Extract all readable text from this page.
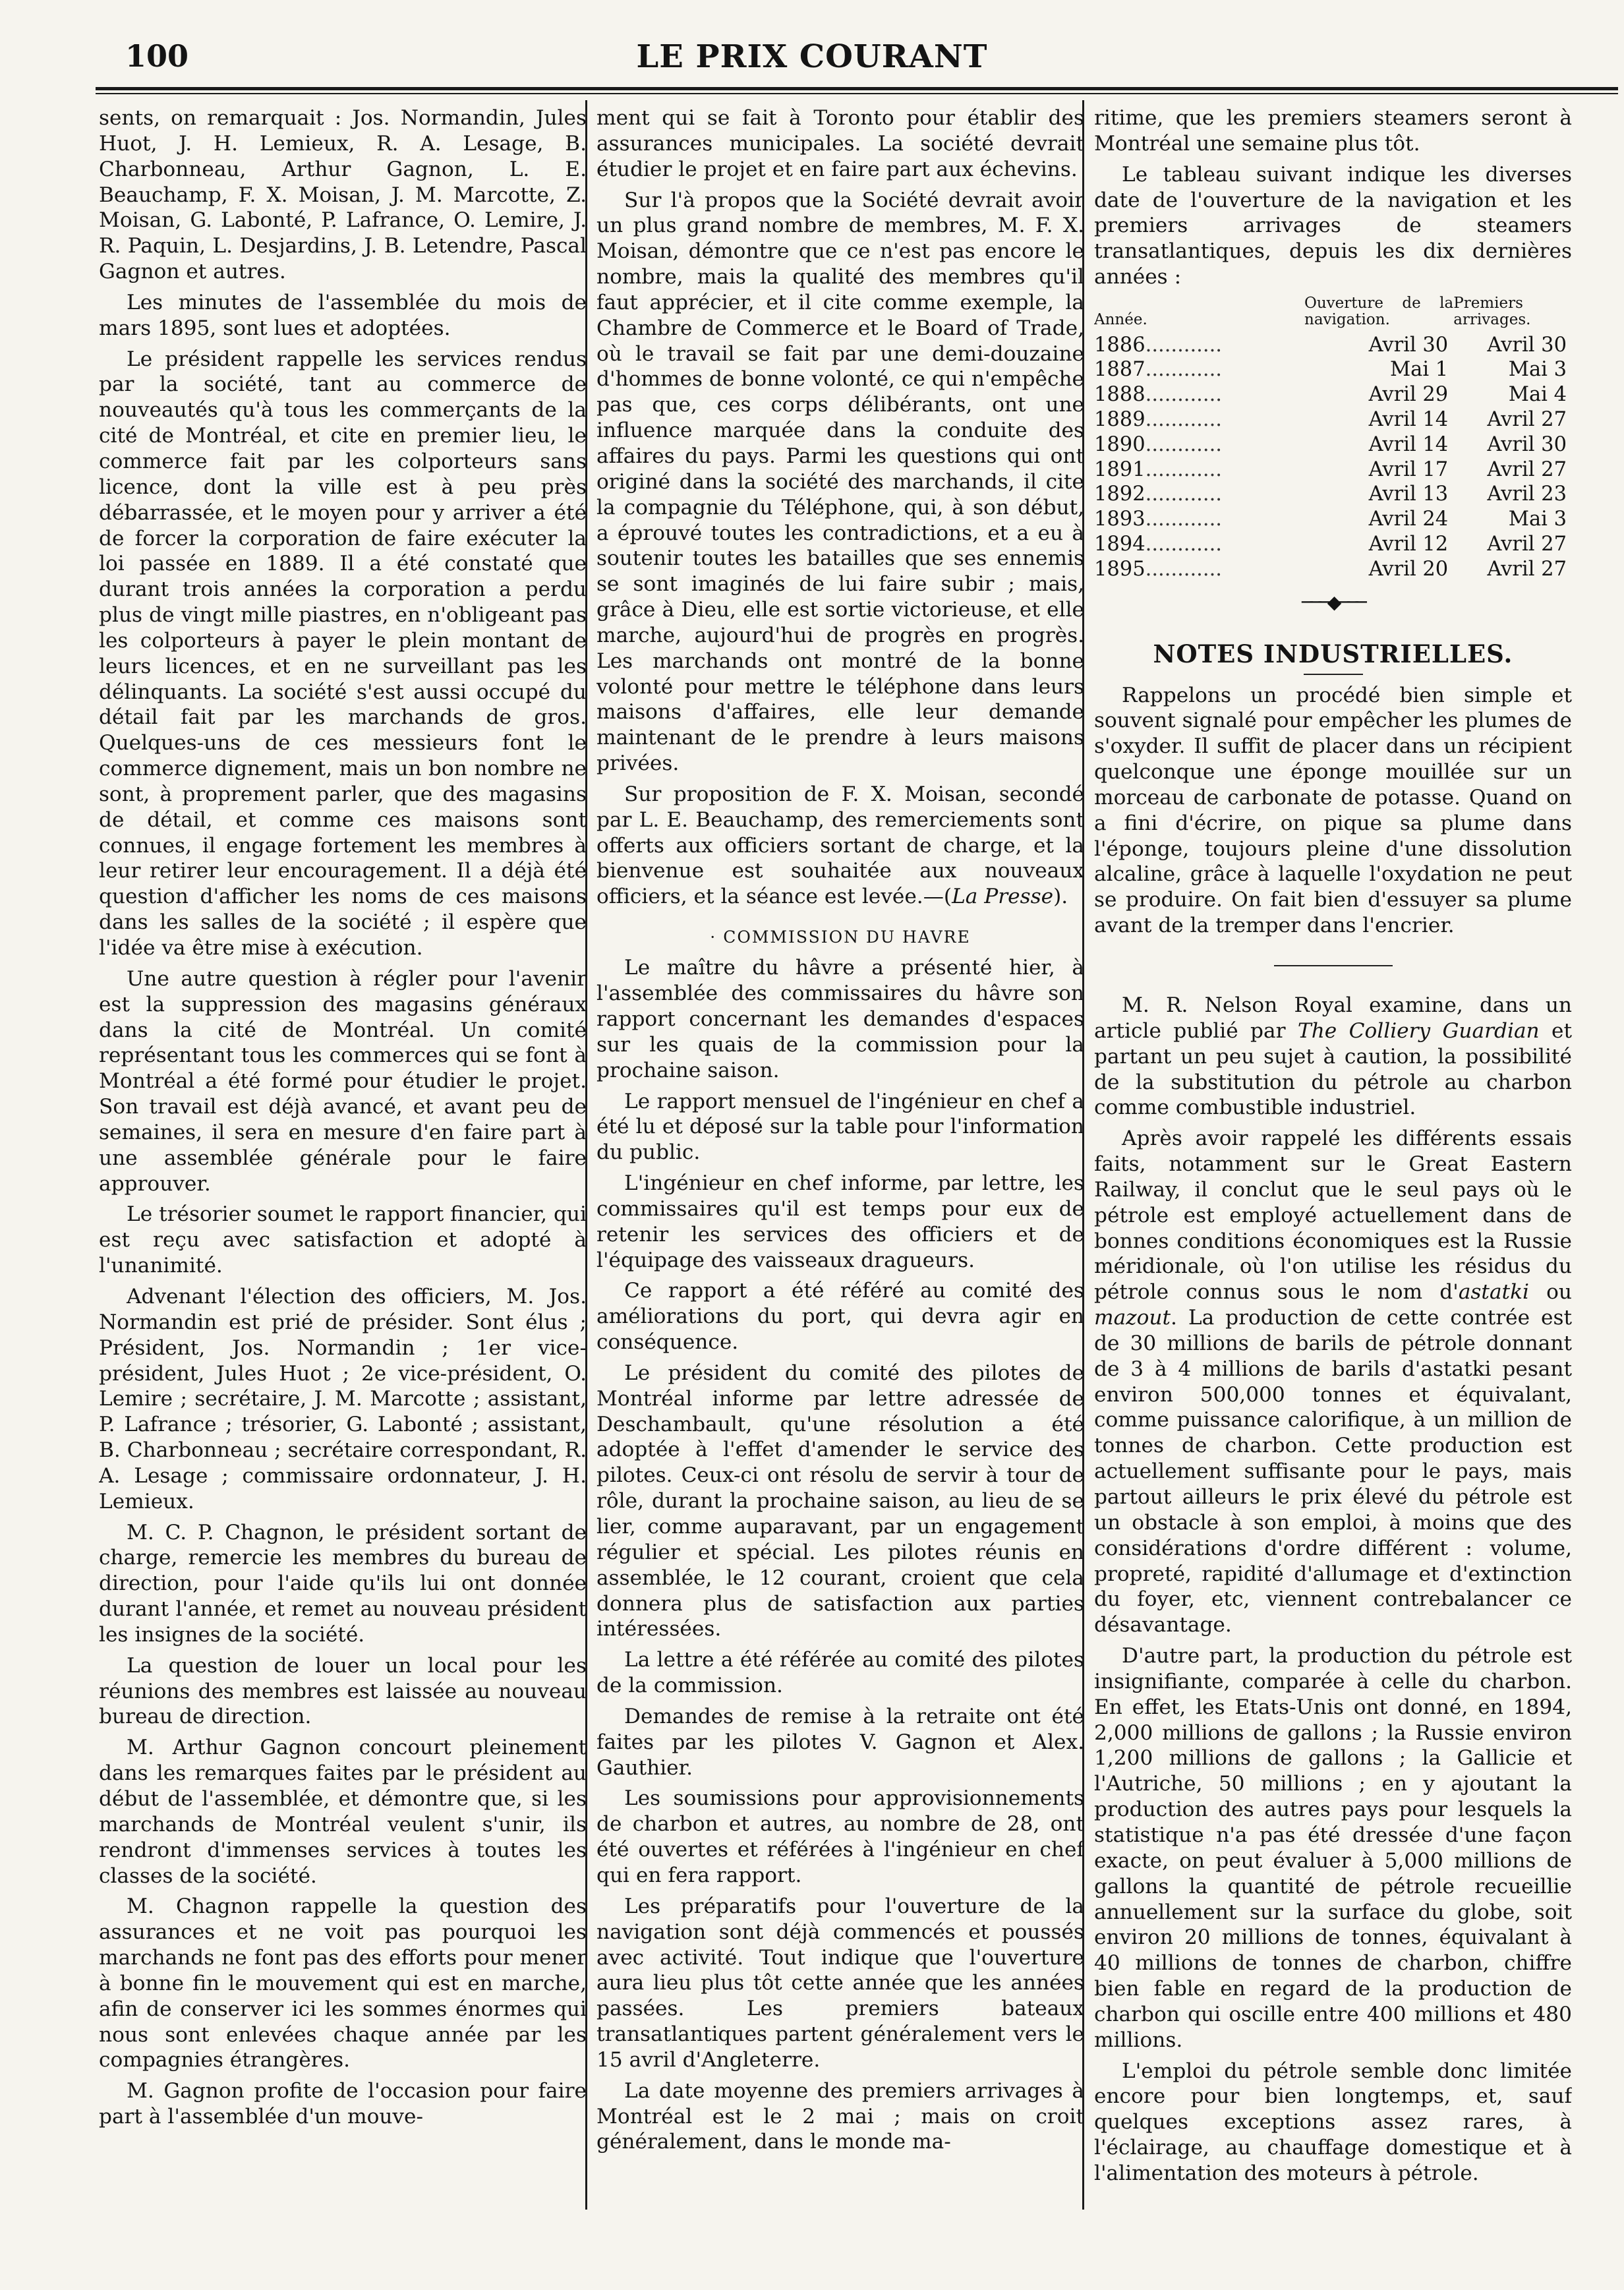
100	LE PRIX COURANT

sents, on remarquait : Jos. Normandin, Jules Huot, J. H. Lemieux, R. A. Lesage, B. Charbonneau, Arthur Gagnon, L. E. Beauchamp, F. X. Moisan, J. M. Marcotte, Z. Moisan, G. Labonté, P. Lafrance, O. Lemire, J. R. Paquin, L. Desjardins, J. B. Letendre, Pascal Gagnon et autres.

Les minutes de l'assemblée du mois de mars 1895, sont lues et adoptées.

Le président rappelle les services rendus par la société, tant au commerce de nouveautés qu'à tous les commerçants de la cité de Montréal, et cite en premier lieu, le commerce fait par les colporteurs sans licence, dont la ville est à peu près débarrassée, et le moyen pour y arriver a été de forcer la corporation de faire exécuter la loi passée en 1889. Il a été constaté que durant trois années la corporation a perdu plus de vingt mille piastres, en n'obligeant pas les colporteurs à payer le plein montant de leurs licences, et en ne surveillant pas les délinquants. La société s'est aussi occupé du détail fait par les marchands de gros. Quelques-uns de ces messieurs font le commerce dignement, mais un bon nombre ne sont, à proprement parler, que des magasins de détail, et comme ces maisons sont connues, il engage fortement les membres à leur retirer leur encouragement. Il a déjà été question d'afficher les noms de ces maisons dans les salles de la société ; il espère que l'idée va être mise à exécution.

Une autre question à régler pour l'avenir est la suppression des magasins généraux dans la cité de Montréal. Un comité représentant tous les commerces qui se font à Montréal a été formé pour étudier le projet. Son travail est déjà avancé, et avant peu de semaines, il sera en mesure d'en faire part à une assemblée générale pour le faire approuver.

Le trésorier soumet le rapport financier, qui est reçu avec satisfaction et adopté à l'unanimité.

Advenant l'élection des officiers, M. Jos. Normandin est prié de présider. Sont élus ; Président, Jos. Normandin ; 1er vice-président, Jules Huot ; 2e vice-président, O. Lemire ; secrétaire, J. M. Marcotte ; assistant, P. Lafrance ; trésorier, G. Labonté ; assistant, B. Charbonneau ; secrétaire correspondant, R. A. Lesage ; commissaire ordonnateur, J. H. Lemieux.

M. C. P. Chagnon, le président sortant de charge, remercie les membres du bureau de direction, pour l'aide qu'ils lui ont donnée durant l'année, et remet au nouveau président les insignes de la société.

La question de louer un local pour les réunions des membres est laissée au nouveau bureau de direction.

M. Arthur Gagnon concourt pleinement dans les remarques faites par le président au début de l'assemblée, et démontre que, si les marchands de Montréal veulent s'unir, ils rendront d'immenses services à toutes les classes de la société.

M. Chagnon rappelle la question des assurances et ne voit pas pourquoi les marchands ne font pas des efforts pour mener à bonne fin le mouvement qui est en marche, afin de conserver ici les sommes énormes qui nous sont enlevées chaque année par les compagnies étrangères.

M. Gagnon profite de l'occasion pour faire part à l'assemblée d'un mouve-

ment qui se fait à Toronto pour établir des assurances municipales. La société devrait étudier le projet et en faire part aux échevins.

Sur l'à propos que la Société devrait avoir un plus grand nombre de membres, M. F. X. Moisan, démontre que ce n'est pas encore le nombre, mais la qualité des membres qu'il faut apprécier, et il cite comme exemple, la Chambre de Commerce et le Board of Trade, où le travail se fait par une demi-douzaine d'hommes de bonne volonté, ce qui n'empêche pas que, ces corps délibérants, ont une influence marquée dans la conduite des affaires du pays. Parmi les questions qui ont originé dans la société des marchands, il cite la compagnie du Téléphone, qui, à son début, a éprouvé toutes les contradictions, et a eu à soutenir toutes les batailles que ses ennemis se sont imaginés de lui faire subir ; mais, grâce à Dieu, elle est sortie victorieuse, et elle marche, aujourd'hui de progrès en progrès. Les marchands ont montré de la bonne volonté pour mettre le téléphone dans leurs maisons d'affaires, elle leur demande maintenant de le prendre à leurs maisons privées.

Sur proposition de F. X. Moisan, secondé par L. E. Beauchamp, des remerciements sont offerts aux officiers sortant de charge, et la bienvenue est souhaitée aux nouveaux officiers, et la séance est levée.—(La Presse).

· COMMISSION DU HAVRE

Le maître du hâvre a présenté hier, à l'assemblée des commissaires du hâvre son rapport concernant les demandes d'espaces sur les quais de la commission pour la prochaine saison.

Le rapport mensuel de l'ingénieur en chef a été lu et déposé sur la table pour l'information du public.

L'ingénieur en chef informe, par lettre, les commissaires qu'il est temps pour eux de retenir les services des officiers et de l'équipage des vaisseaux dragueurs.

Ce rapport a été référé au comité des améliorations du port, qui devra agir en conséquence.

Le président du comité des pilotes de Montréal informe par lettre adressée de Deschambault, qu'une résolution a été adoptée à l'effet d'amender le service des pilotes. Ceux-ci ont résolu de servir à tour de rôle, durant la prochaine saison, au lieu de se lier, comme auparavant, par un engagement régulier et spécial. Les pilotes réunis en assemblée, le 12 courant, croient que cela donnera plus de satisfaction aux parties intéressées.

La lettre a été référée au comité des pilotes de la commission.

Demandes de remise à la retraite ont été faites par les pilotes V. Gagnon et Alex. Gauthier.

Les soumissions pour approvisionnements de charbon et autres, au nombre de 28, ont été ouvertes et référées à l'ingénieur en chef qui en fera rapport.

Les préparatifs pour l'ouverture de la navigation sont déjà commencés et poussés avec activité. Tout indique que l'ouverture aura lieu plus tôt cette année que les années passées. Les premiers bateaux transatlantiques partent généralement vers le 15 avril d'Angleterre.

La date moyenne des premiers arrivages à Montréal est le 2 mai ; mais on croit généralement, dans le monde ma-

ritime, que les premiers steamers seront à Montréal une semaine plus tôt.

Le tableau suivant indique les diverses date de l'ouverture de la navigation et les premiers arrivages de steamers transatlantiques, depuis les dix dernières années :

Année.	Ouverture de la navigation.	Premiers arrivages.
1886............	Avril 30	Avril 30
1887............	Mai 1	Mai 3
1888............	Avril 29	Mai 4
1889............	Avril 14	Avril 27
1890............	Avril 14	Avril 30
1891............	Avril 17	Avril 27
1892............	Avril 13	Avril 23
1893............	Avril 24	Mai 3
1894............	Avril 12	Avril 27
1895............	Avril 20	Avril 27
───◆───
NOTES INDUSTRIELLES.

Rappelons un procédé bien simple et souvent signalé pour empêcher les plumes de s'oxyder. Il suffit de placer dans un récipient quelconque une éponge mouillée sur un morceau de carbonate de potasse. Quand on a fini d'écrire, on pique sa plume dans l'éponge, toujours pleine d'une dissolution alcaline, grâce à laquelle l'oxydation ne peut se produire. On fait bien d'essuyer sa plume avant de la tremper dans l'encrier.

M. R. Nelson Royal examine, dans un article publié par The Colliery Guardian et partant un peu sujet à caution, la possibilité de la substitution du pétrole au charbon comme combustible industriel.

Après avoir rappelé les différents essais faits, notamment sur le Great Eastern Railway, il conclut que le seul pays où le pétrole est employé actuellement dans de bonnes conditions économiques est la Russie méridionale, où l'on utilise les résidus du pétrole connus sous le nom d'astatki ou mazout. La production de cette contrée est de 30 millions de barils de pétrole donnant de 3 à 4 millions de barils d'astatki pesant environ 500,000 tonnes et équivalant, comme puissance calorifique, à un million de tonnes de charbon. Cette production est actuellement suffisante pour le pays, mais partout ailleurs le prix élevé du pétrole est un obstacle à son emploi, à moins que des considérations d'ordre différent : volume, propreté, rapidité d'allumage et d'extinction du foyer, etc, viennent contrebalancer ce désavantage.

D'autre part, la production du pétrole est insignifiante, comparée à celle du charbon. En effet, les Etats-Unis ont donné, en 1894, 2,000 millions de gallons ; la Russie environ 1,200 millions de gallons ; la Gallicie et l'Autriche, 50 millions ; en y ajoutant la production des autres pays pour lesquels la statistique n'a pas été dressée d'une façon exacte, on peut évaluer à 5,000 millions de gallons la quantité de pétrole recueillie annuellement sur la surface du globe, soit environ 20 millions de tonnes, équivalant à 40 millions de tonnes de charbon, chiffre bien fable en regard de la production de charbon qui oscille entre 400 millions et 480 millions.

L'emploi du pétrole semble donc limitée encore pour bien longtemps, et, sauf quelques exceptions assez rares, à l'éclairage, au chauffage domestique et à l'alimentation des moteurs à pétrole.
